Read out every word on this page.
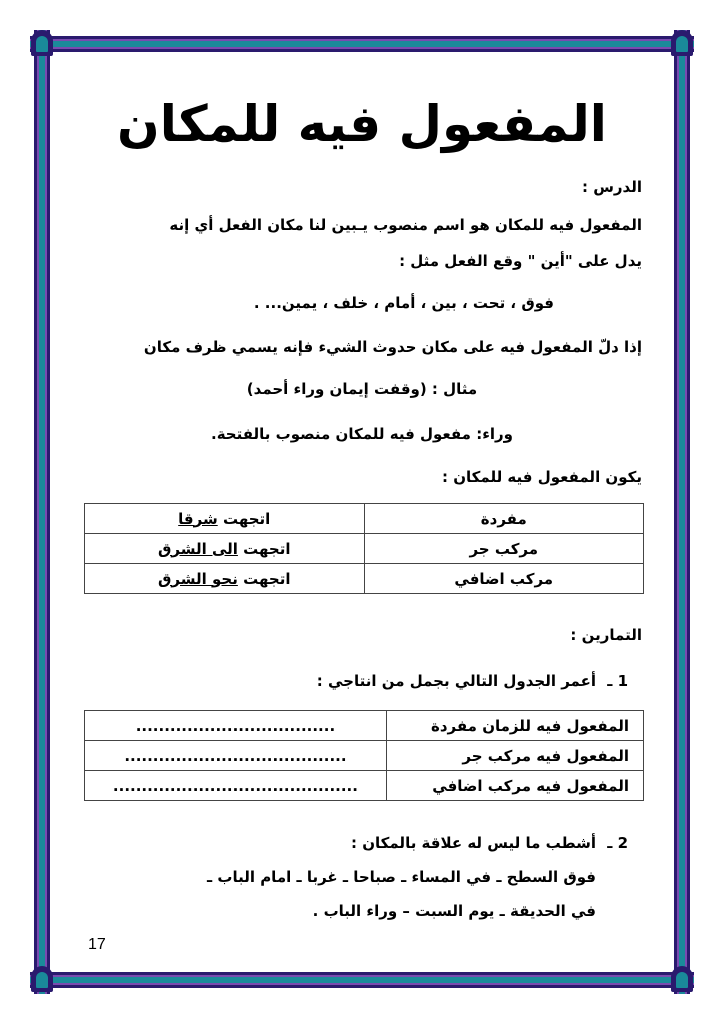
المفعول فيه للمكان
الدرس :
المفعول فيه للمكان هو اسم منصوب يـبين لنا مكان الفعل أي إنه
يدل على "أين " وقع الفعل مثل :
فوق ، تحت ، بين ، أمام ، خلف ، يمين... .
إذا دلّ المفعول فيه على مكان حدوث الشيء فإنه يسمي ظرف مكان
مثال : (وقفت إيمان وراء أحمد)
وراء: مفعول فيه للمكان منصوب بالفتحة.
يكون المفعول فيه للمكان :
مفردة	اتجهت شرقا
مركب جر	اتجهت الى الشرق
مركب اضافي	اتجهت نحو الشرق
التمارين :
1 ـ
أعمر الجدول التالي بجمل من انتاجي :
المفعول فيه للزمان مفردة	...................................
المفعول فيه مركب جر	.......................................
المفعول فيه مركب اضافي	...........................................
2 ـ
أشطب ما ليس له علاقة بالمكان :
فوق السطح ـ في المساء ـ صباحا ـ غربا ـ امام الباب ـ
في الحديقة ـ يوم السبت – وراء الباب .
17
